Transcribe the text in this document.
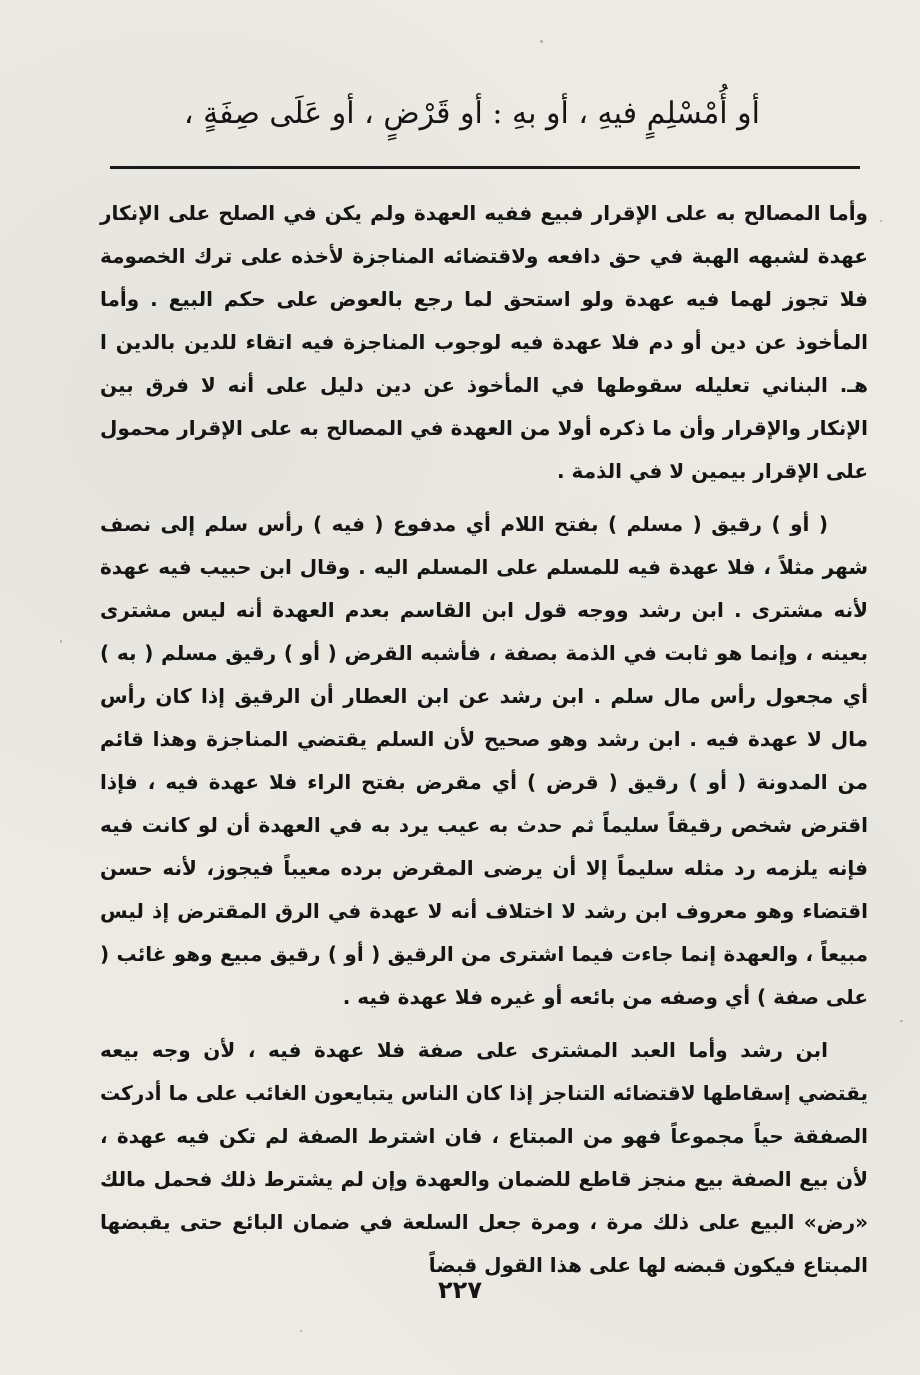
أو أُمْسْلِمٍ فيهِ ، أو بهِ : أو قَرْضٍ ، أو عَلَى صِفَةٍ ،

وأما المصالح به على الإقرار فبيع ففيه العهدة ولم يكن في الصلح على الإنكار عهدة لشبهه الهبة في حق دافعه ولاقتضائه المناجزة لأخذه على ترك الخصومة فلا تجوز لهما فيه عهدة ولو استحق لما رجع بالعوض على حكم البيع . وأما المأخوذ عن دين أو دم فلا عهدة فيه لوجوب المناجزة فيه اتقاء للدين بالدين ا هـ. البناني تعليله سقوطها في المأخوذ عن دين دليل على أنه لا فرق بين الإنكار والإقرار وأن ما ذكره أولا من العهدة في المصالح به على الإقرار محمول على الإقرار بيمين لا في الذمة .

( أو ) رقيق ( مسلم ) بفتح اللام أي مدفوع ( فيه ) رأس سلم إلى نصف شهر مثلاً ، فلا عهدة فيه للمسلم على المسلم اليه . وقال ابن حبيب فيه عهدة لأنه مشترى . ابن رشد ووجه قول ابن القاسم بعدم العهدة أنه ليس مشترى بعينه ، وإنما هو ثابت في الذمة بصفة ، فأشبه القرض ( أو ) رقيق مسلم ( به ) أي مجعول رأس مال سلم . ابن رشد عن ابن العطار أن الرقيق إذا كان رأس مال لا عهدة فيه . ابن رشد وهو صحيح لأن السلم يقتضي المناجزة وهذا قائم من المدونة ( أو ) رقيق ( قرض ) أي مقرض بفتح الراء فلا عهدة فيه ، فإذا اقترض شخص رقيقاً سليماً ثم حدث به عيب يرد به في العهدة أن لو كانت فيه فإنه يلزمه رد مثله سليماً إلا أن يرضى المقرض برده معيباً فيجوز، لأنه حسن اقتضاء وهو معروف ابن رشد لا اختلاف أنه لا عهدة في الرق المقترض إذ ليس مبيعاً ، والعهدة إنما جاءت فيما اشترى من الرقيق ( أو ) رقيق مبيع وهو غائب ( على صفة ) أي وصفه من بائعه أو غيره فلا عهدة فيه .

ابن رشد وأما العبد المشترى على صفة فلا عهدة فيه ، لأن وجه بيعه يقتضي إسقاطها لاقتضائه التناجز إذا كان الناس يتبايعون الغائب على ما أدركت الصفقة حياً مجموعاً فهو من المبتاع ، فان اشترط الصفة لم تكن فيه عهدة ، لأن بيع الصفة بيع منجز قاطع للضمان والعهدة وإن لم يشترط ذلك فحمل مالك «رض» البيع على ذلك مرة ، ومرة جعل السلعة في ضمان البائع حتى يقبضها المبتاع فيكون قبضه لها على هذا القول قبضاً

٢٢٧
